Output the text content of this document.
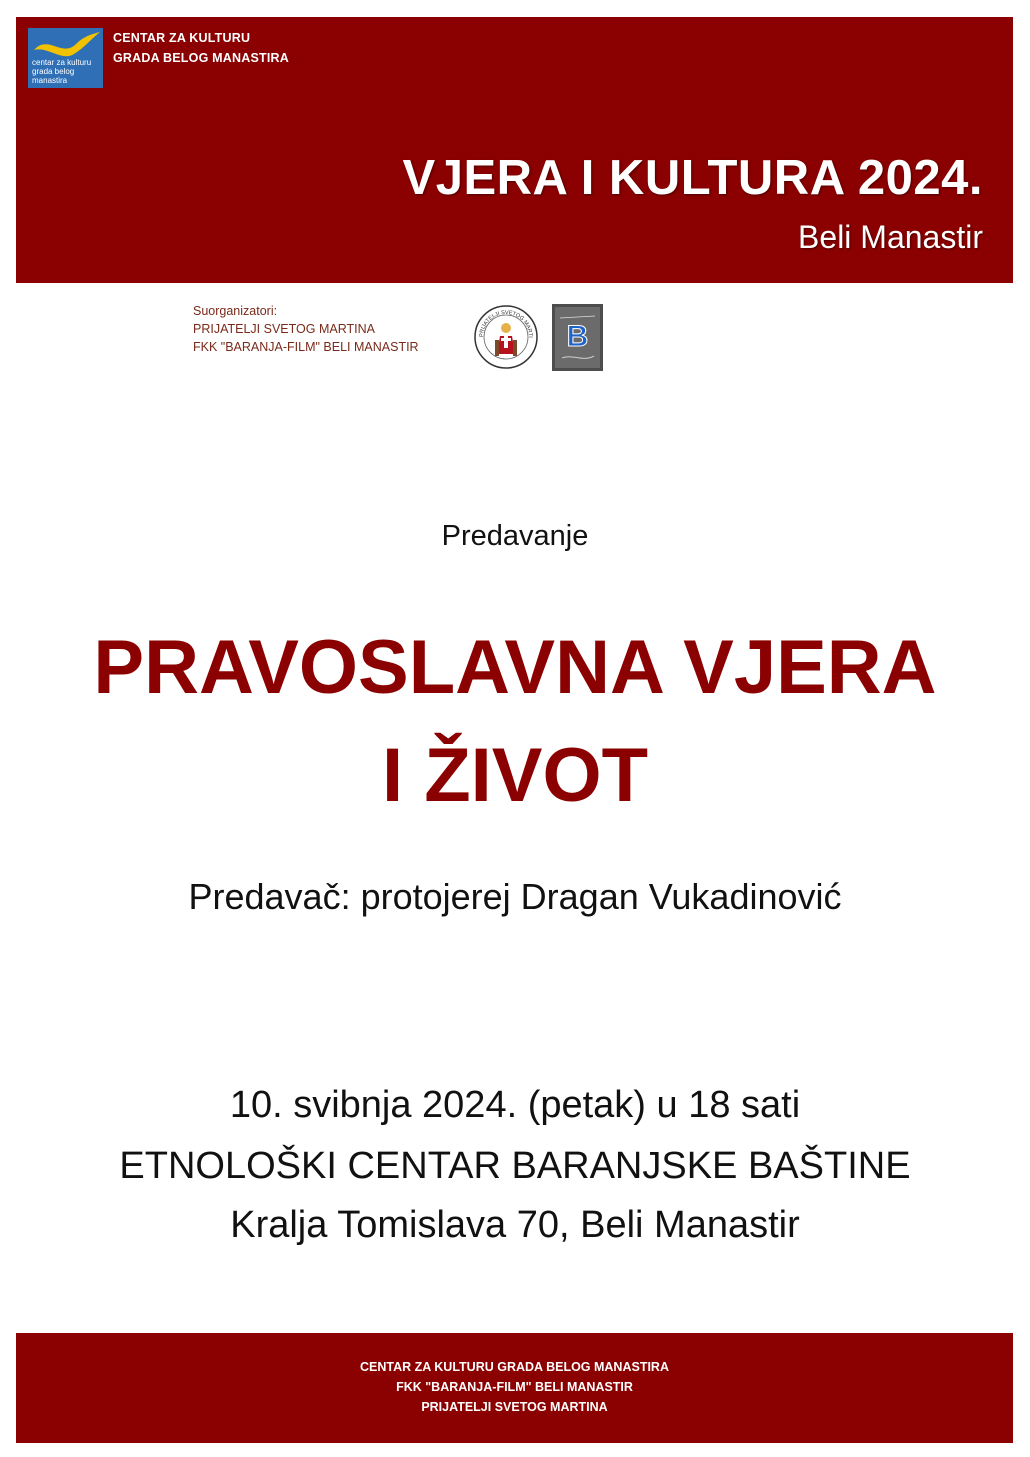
centar za kulturu
grada belog manastira
CENTAR ZA KULTURU
GRADA BELOG MANASTIRA
VJERA I KULTURA 2024.
Beli Manastir
Suorganizatori:
PRIJATELJI SVETOG MARTINA
FKK "BARANJA-FILM" BELI MANASTIR
PRIJATELJI SVETOG MARTI B
Predavanje
PRAVOSLAVNA VJERA
I ŽIVOT
Predavač: protojerej Dragan Vukadinović
10. svibnja 2024. (petak) u 18 sati
ETNOLOŠKI CENTAR BARANJSKE BAŠTINE
Kralja Tomislava 70, Beli Manastir
CENTAR ZA KULTURU GRADA BELOG MANASTIRA
FKK "BARANJA-FILM" BELI MANASTIR
PRIJATELJI SVETOG MARTINA
